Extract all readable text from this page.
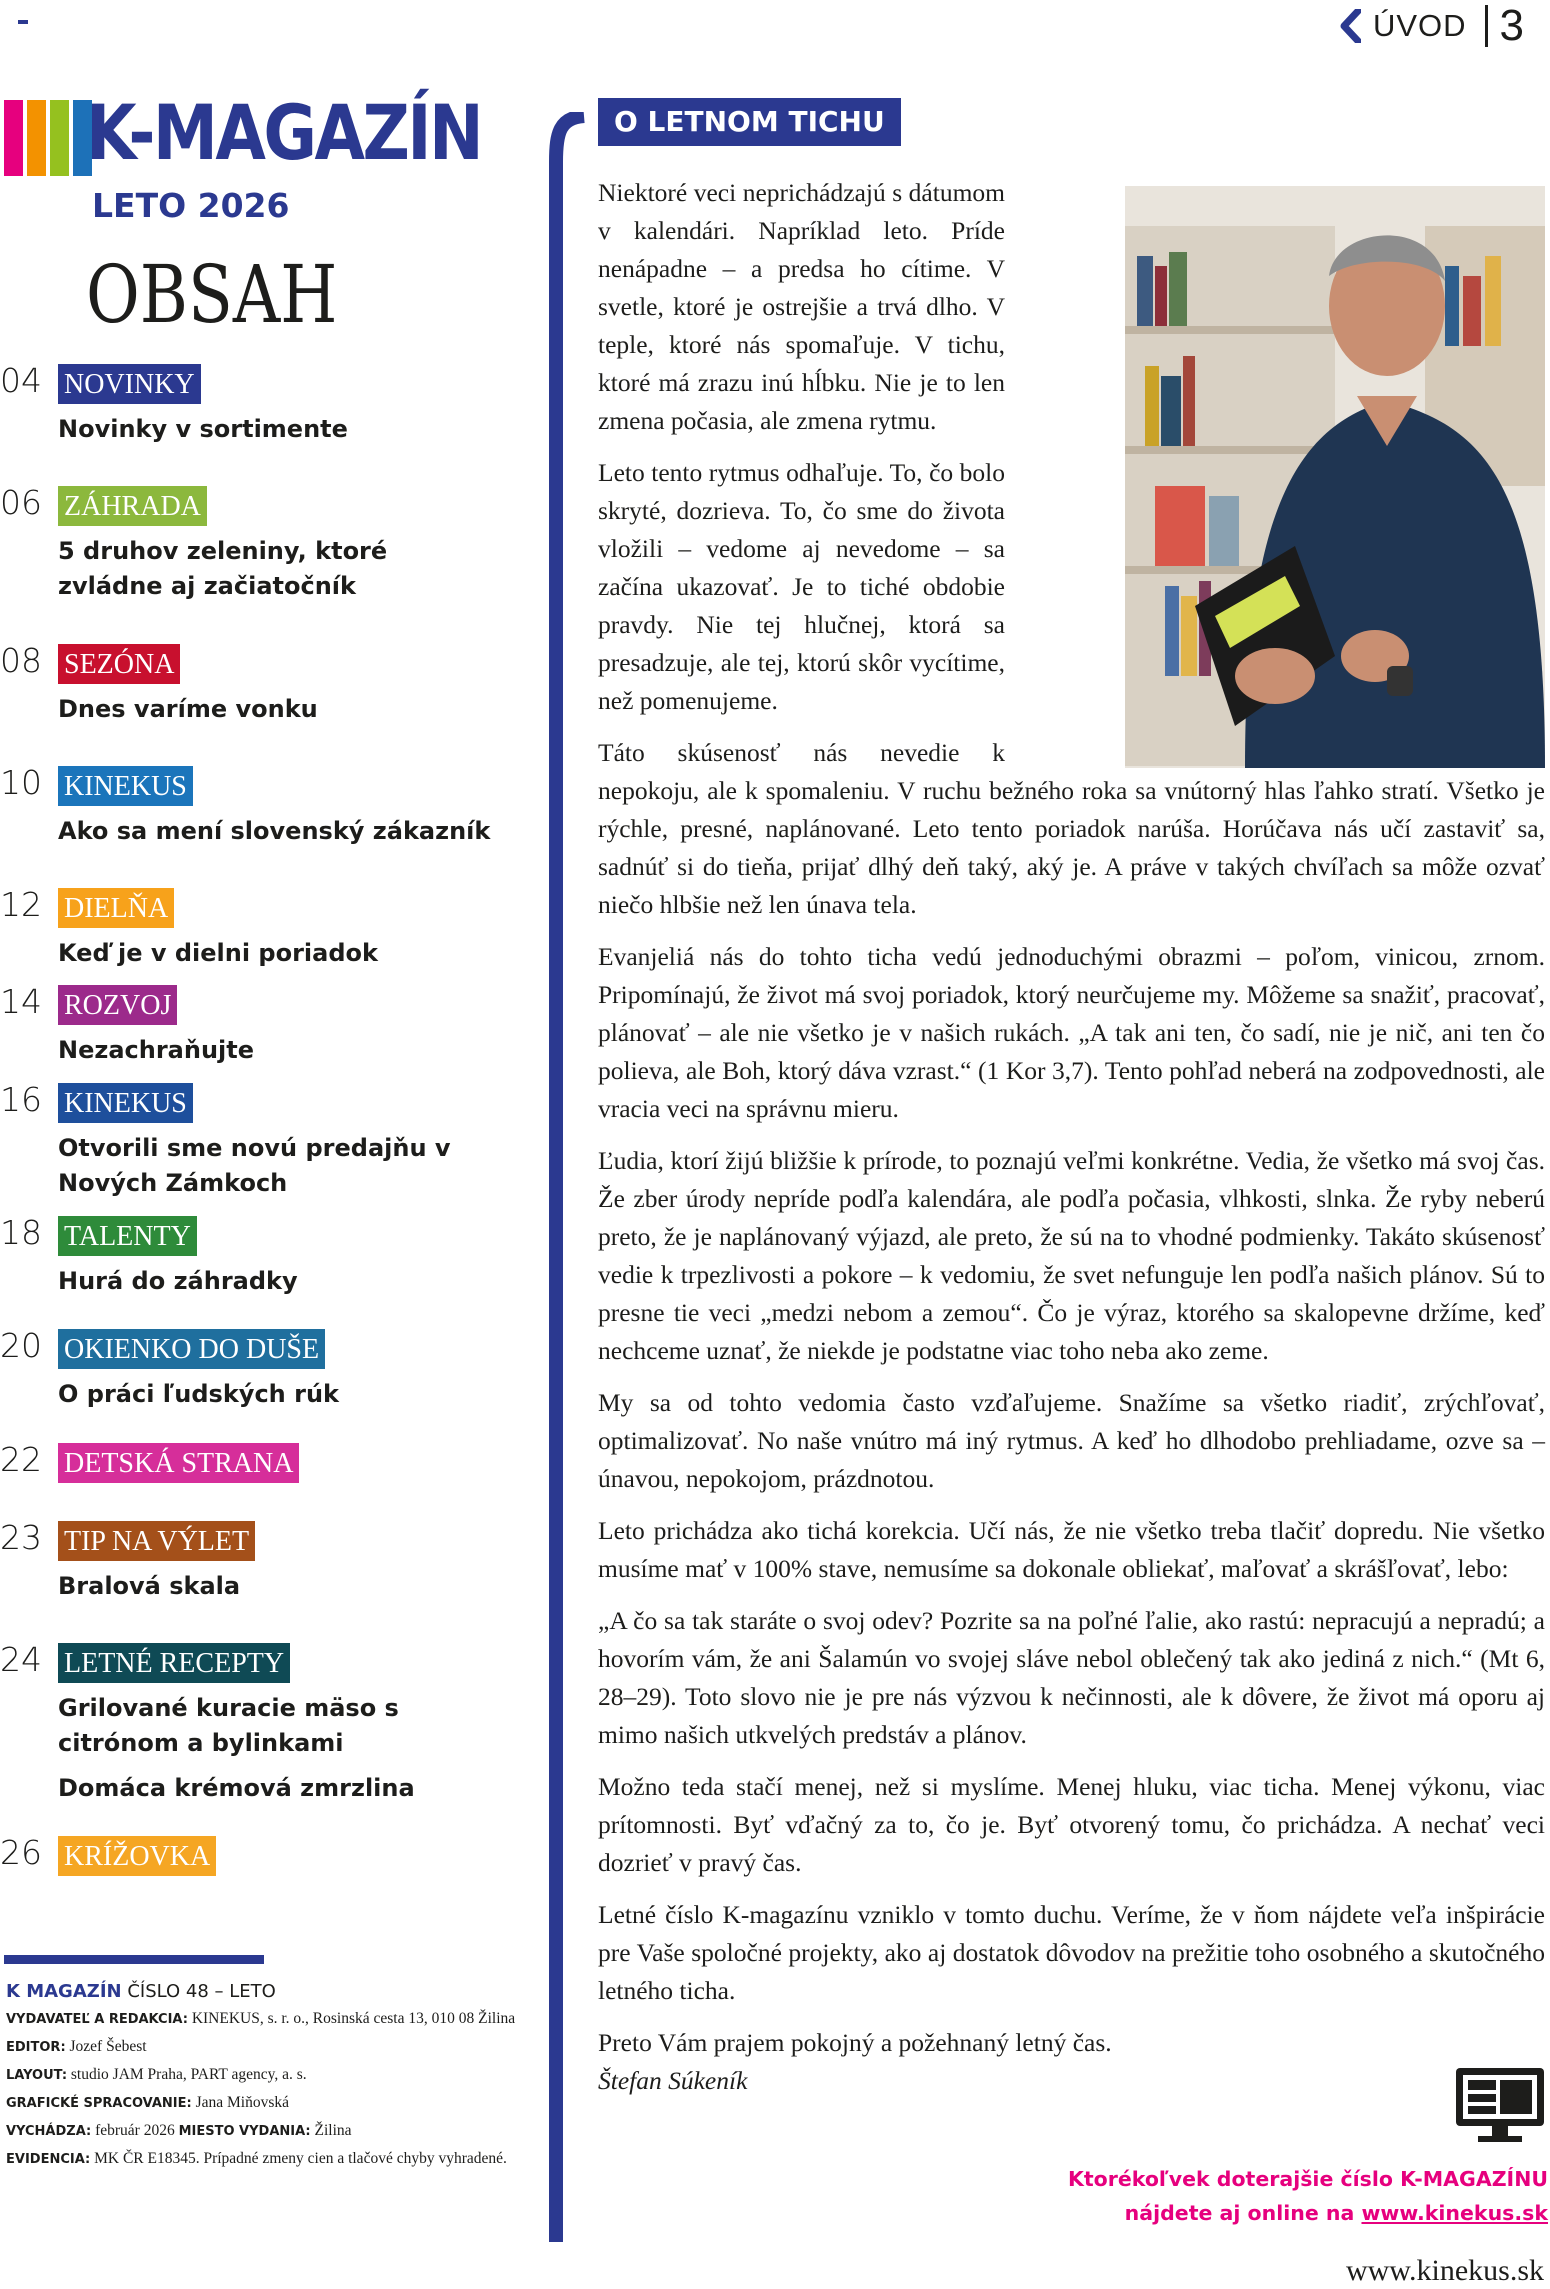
ÚVOD 3
K-MAGAZÍN
LETO 2026
OBSAH
04 NOVINKY
Novinky v sortimente
06 ZÁHRADA
5 druhov zeleniny, ktoré zvládne aj začiatočník
08 SEZÓNA
Dnes varíme vonku
10 KINEKUS
Ako sa mení slovenský zákazník
12 DIELŇA
Keď je v dielni poriadok
14 ROZVOJ
Nezachraňujte
16 KINEKUS
Otvorili sme novú predajňu v Nových Zámkoch
18 TALENTY
Hurá do záhradky
20 OKIENKO DO DUŠE
O práci ľudských rúk
22 DETSKÁ STRANA
23 TIP NA VÝLET
Bralová skala
24 LETNÉ RECEPTY
Grilované kuracie mäso s citrónom a bylinkami
Domáca krémová zmrzlina
26 KRÍŽOVKA
K MAGAZÍN ČÍSLO 48 – LETO
VYDAVATEĽ A REDAKCIA: KINEKUS, s. r. o., Rosinská cesta 13, 010 08 Žilina
EDITOR: Jozef Šebest
LAYOUT: studio JAM Praha, PART agency, a. s.
GRAFICKÉ SPRACOVANIE: Jana Miňovská
VYCHÁDZA: február 2026 MIESTO VYDANIA: Žilina
EVIDENCIA: MK ČR E18345. Prípadné zmeny cien a tlačové chyby vyhradené.
O LETNOM TICHU

Niektoré veci neprichádzajú s dátumom v kalendári. Napríklad leto. Príde nenápadne – a predsa ho cítime. V svetle, ktoré je ostrejšie a trvá dlho. V teple, ktoré nás spomaľuje. V tichu, ktoré má zrazu inú hĺbku. Nie je to len zmena počasia, ale zmena rytmu.

Leto tento rytmus odhaľuje. To, čo bolo skryté, dozrieva. To, čo sme do života vložili – vedome aj nevedome – sa začína ukazovať. Je to tiché obdobie pravdy. Nie tej hlučnej, ktorá sa presadzuje, ale tej, ktorú skôr vycítime, než pomenujeme.

Táto skúsenosť nás nevedie k nepokoju, ale k spomaleniu. V ruchu bežného roka sa vnútorný hlas ľahko stratí. Všetko je rýchle, presné, naplánované. Leto tento poriadok narúša. Horúčava nás učí zastaviť sa, sadnúť si do tieňa, prijať dlhý deň taký, aký je. A práve v takých chvíľach sa môže ozvať niečo hlbšie než len únava tela.

Evanjeliá nás do tohto ticha vedú jednoduchými obrazmi – poľom, vinicou, zrnom. Pripomínajú, že život má svoj poriadok, ktorý neurčujeme my. Môžeme sa snažiť, pracovať, plánovať – ale nie všetko je v našich rukách. „A tak ani ten, čo sadí, nie je nič, ani ten čo polieva, ale Boh, ktorý dáva vzrast.“ (1 Kor 3,7). Tento pohľad neberá na zodpovednosti, ale vracia veci na správnu mieru.

Ľudia, ktorí žijú bližšie k prírode, to poznajú veľmi konkrétne. Vedia, že všetko má svoj čas. Že zber úrody nepríde podľa kalendára, ale podľa počasia, vlhkosti, slnka. Že ryby neberú preto, že je naplánovaný výjazd, ale preto, že sú na to vhodné podmienky. Takáto skúsenosť vedie k trpezlivosti a pokore – k vedomiu, že svet nefunguje len podľa našich plánov. Sú to presne tie veci „medzi nebom a zemou“. Čo je výraz, ktorého sa skalopevne držíme, keď nechceme uznať, že niekde je podstatne viac toho neba ako zeme.

My sa od tohto vedomia často vzďaľujeme. Snažíme sa všetko riadiť, zrýchľovať, optimalizovať. No naše vnútro má iný rytmus. A keď ho dlhodobo prehliadame, ozve sa – únavou, nepokojom, prázdnotou.

Leto prichádza ako tichá korekcia. Učí nás, že nie všetko treba tlačiť dopredu. Nie všetko musíme mať v 100% stave, nemusíme sa dokonale obliekať, maľovať a skrášľovať, lebo:

„A čo sa tak staráte o svoj odev? Pozrite sa na poľné ľalie, ako rastú: nepracujú a nepradú; a hovorím vám, že ani Šalamún vo svojej sláve nebol oblečený tak ako jediná z nich.“ (Mt 6, 28–29). Toto slovo nie je pre nás výzvou k nečinnosti, ale k dôvere, že život má oporu aj mimo našich utkvelých predstáv a plánov.

Možno teda stačí menej, než si myslíme. Menej hluku, viac ticha. Menej výkonu, viac prítomnosti. Byť vďačný za to, čo je. Byť otvorený tomu, čo prichádza. A nechať veci dozrieť v pravý čas.

Letné číslo K-magazínu vzniklo v tomto duchu. Veríme, že v ňom nájdete veľa inšpirácie pre Vaše spoločné projekty, ako aj dostatok dôvodov na prežitie toho osobného a skutočného letného ticha.

Preto Vám prajem pokojný a požehnaný letný čas.

Štefan Súkeník

Ktorékoľvek doterajšie číslo K-MAGAZÍNU
nájdete aj online na www.kinekus.sk
www.kinekus.sk
